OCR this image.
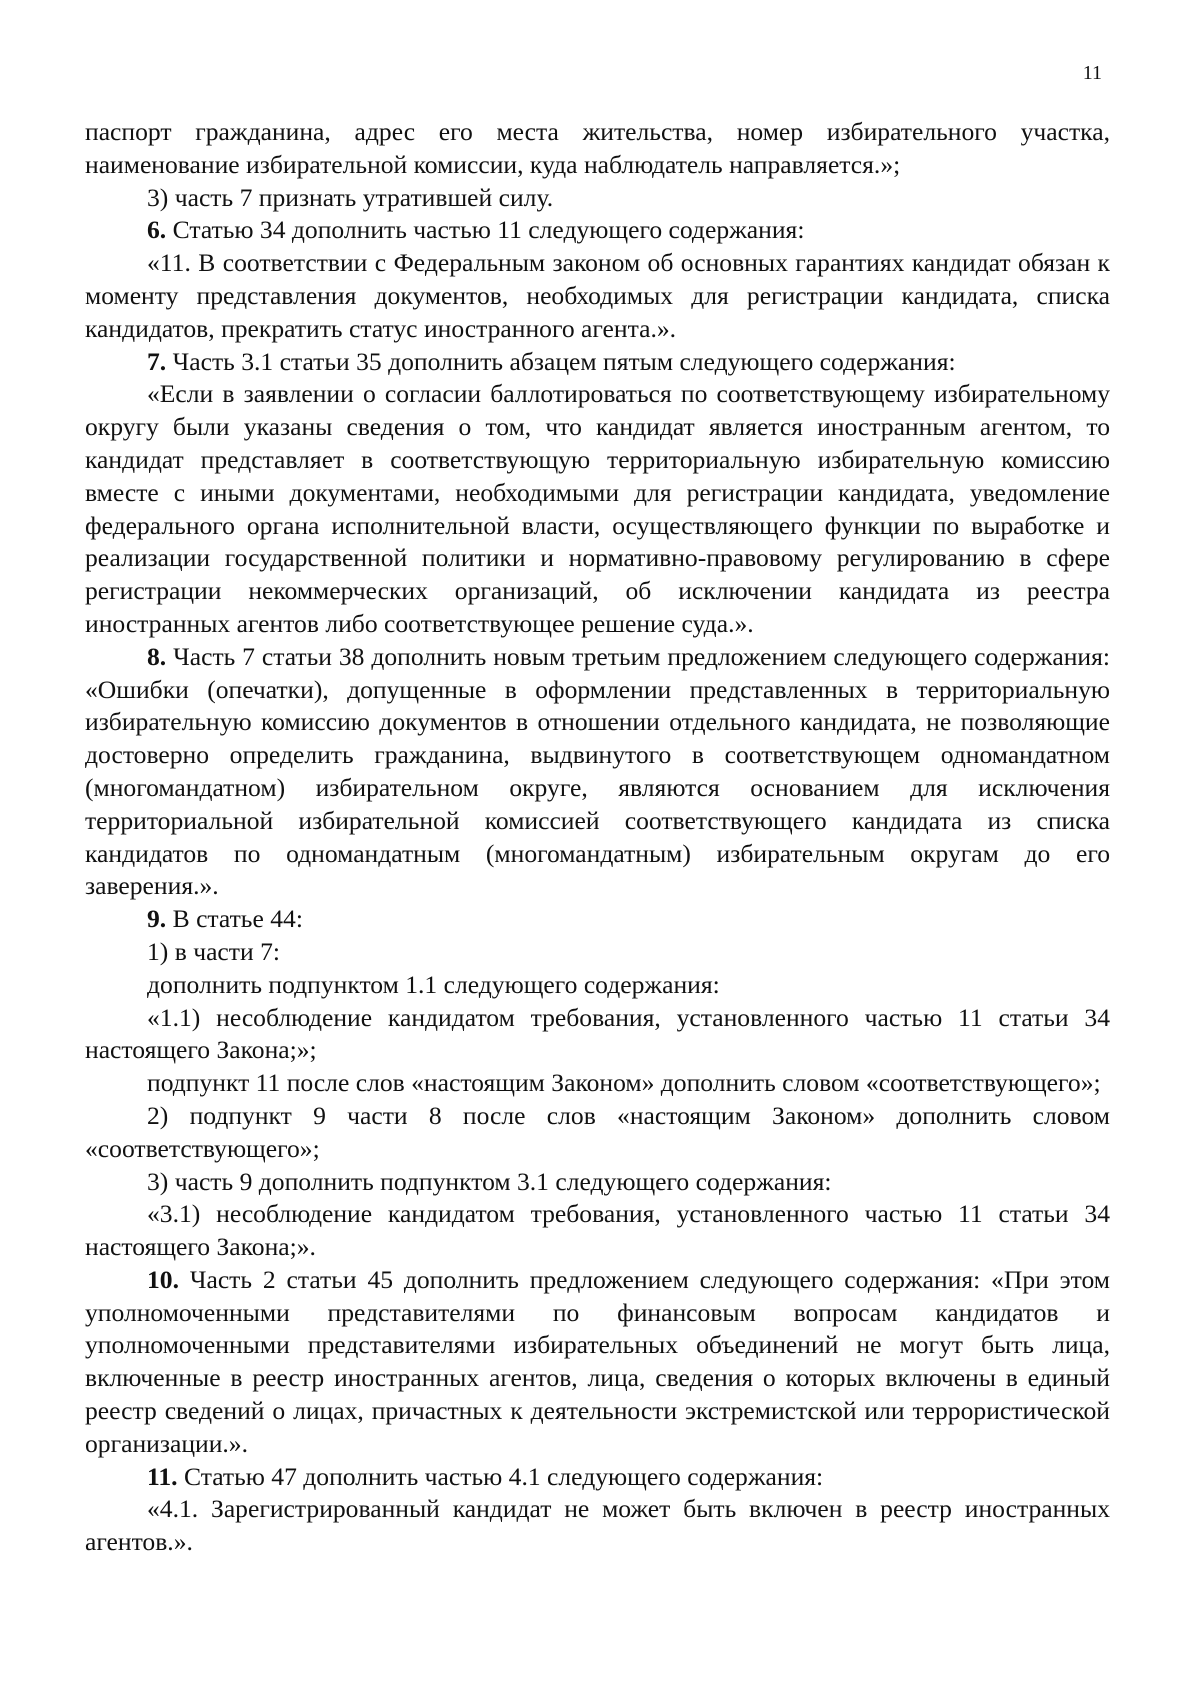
11

паспорт гражданина, адрес его места жительства, номер избирательного участка, наименование избирательной комиссии, куда наблюдатель направляется.»;

3) часть 7 признать утратившей силу.

6. Статью 34 дополнить частью 11 следующего содержания:

«11. В соответствии с Федеральным законом об основных гарантиях кандидат обязан к моменту представления документов, необходимых для регистрации кандидата, списка кандидатов, прекратить статус иностранного агента.».

7. Часть 3.1 статьи 35 дополнить абзацем пятым следующего содержания:

«Если в заявлении о согласии баллотироваться по соответствующему избирательному округу были указаны сведения о том, что кандидат является иностранным агентом, то кандидат представляет в соответствующую территориальную избирательную комиссию вместе с иными документами, необходимыми для регистрации кандидата, уведомление федерального органа исполнительной власти, осуществляющего функции по выработке и реализации государственной политики и нормативно-правовому регулированию в сфере регистрации некоммерческих организаций, об исключении кандидата из реестра иностранных агентов либо соответствующее решение суда.».

8. Часть 7 статьи 38 дополнить новым третьим предложением следующего содержания: «Ошибки (опечатки), допущенные в оформлении представленных в территориальную избирательную комиссию документов в отношении отдельного кандидата, не позволяющие достоверно определить гражданина, выдвинутого в соответствующем одномандатном (многомандатном) избирательном округе, являются основанием для исключения территориальной избирательной комиссией соответствующего кандидата из списка кандидатов по одномандатным (многомандатным) избирательным округам до его заверения.».

9. В статье 44:

1) в части 7:

дополнить подпунктом 1.1 следующего содержания:

«1.1) несоблюдение кандидатом требования, установленного частью 11 статьи 34 настоящего Закона;»;

подпункт 11 после слов «настоящим Законом» дополнить словом «соответствующего»;

2) подпункт 9 части 8 после слов «настоящим Законом» дополнить словом «соответствующего»;

3) часть 9 дополнить подпунктом 3.1 следующего содержания:

«3.1) несоблюдение кандидатом требования, установленного частью 11 статьи 34 настоящего Закона;».

10. Часть 2 статьи 45 дополнить предложением следующего содержания: «При этом уполномоченными представителями по финансовым вопросам кандидатов и уполномоченными представителями избирательных объединений не могут быть лица, включенные в реестр иностранных агентов, лица, сведения о которых включены в единый реестр сведений о лицах, причастных к деятельности экстремистской или террористической организации.».

11. Статью 47 дополнить частью 4.1 следующего содержания:

«4.1. Зарегистрированный кандидат не может быть включен в реестр иностранных агентов.».
